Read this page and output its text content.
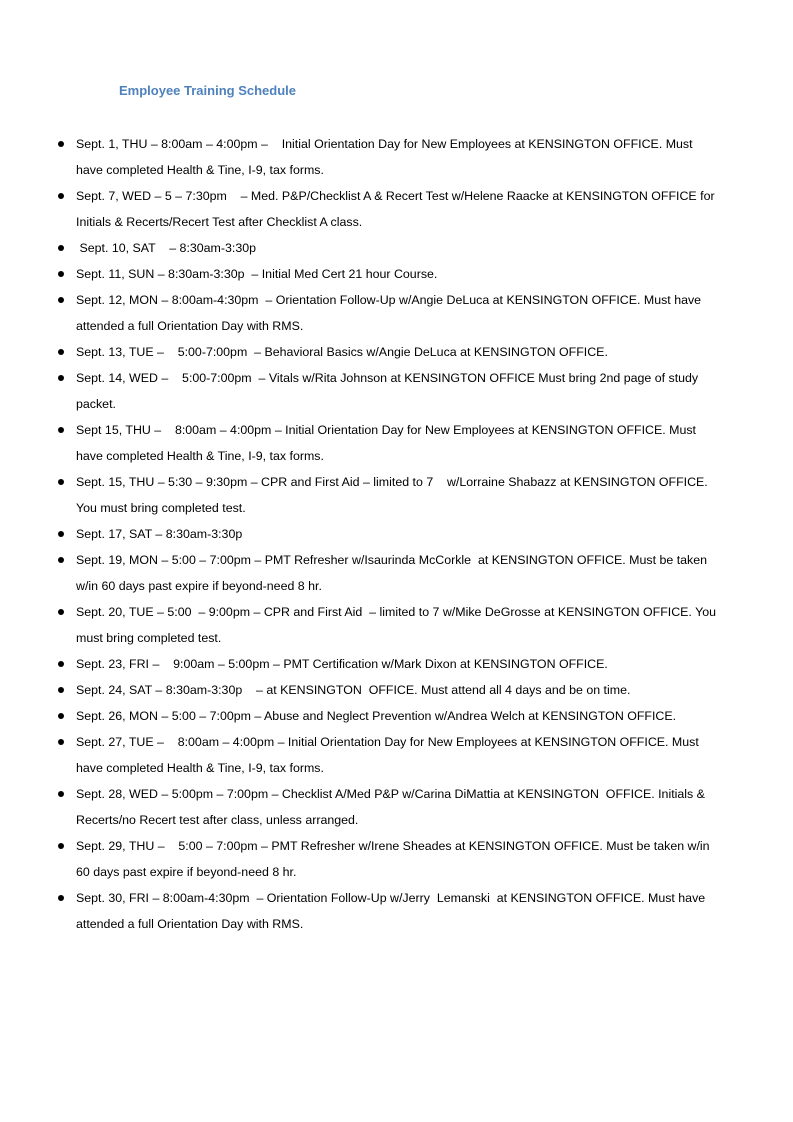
Employee Training Schedule
Sept. 1, THU – 8:00am – 4:00pm –    Initial Orientation Day for New Employees at KENSINGTON OFFICE. Must have completed Health & Tine, I-9, tax forms.
Sept. 7, WED – 5 – 7:30pm    – Med. P&P/Checklist A & Recert Test w/Helene Raacke at KENSINGTON OFFICE for Initials & Recerts/Recert Test after Checklist A class.
Sept. 10, SAT    – 8:30am-3:30p
Sept. 11, SUN – 8:30am-3:30p  – Initial Med Cert 21 hour Course.
Sept. 12, MON – 8:00am-4:30pm  – Orientation Follow-Up w/Angie DeLuca at KENSINGTON OFFICE. Must have attended a full Orientation Day with RMS.
Sept. 13, TUE –    5:00-7:00pm  – Behavioral Basics w/Angie DeLuca at KENSINGTON OFFICE.
Sept. 14, WED –    5:00-7:00pm  – Vitals w/Rita Johnson at KENSINGTON OFFICE Must bring 2nd page of study packet.
Sept 15, THU –    8:00am – 4:00pm – Initial Orientation Day for New Employees at KENSINGTON OFFICE. Must have completed Health & Tine, I-9, tax forms.
Sept. 15, THU – 5:30 – 9:30pm – CPR and First Aid – limited to 7    w/Lorraine Shabazz at KENSINGTON OFFICE. You must bring completed test.
Sept. 17, SAT – 8:30am-3:30p
Sept. 19, MON – 5:00 – 7:00pm – PMT Refresher w/Isaurinda McCorkle  at KENSINGTON OFFICE. Must be taken w/in 60 days past expire if beyond-need 8 hr.
Sept. 20, TUE – 5:00  – 9:00pm – CPR and First Aid  – limited to 7 w/Mike DeGrosse at KENSINGTON OFFICE. You must bring completed test.
Sept. 23, FRI –    9:00am – 5:00pm – PMT Certification w/Mark Dixon at KENSINGTON OFFICE.
Sept. 24, SAT – 8:30am-3:30p    – at KENSINGTON  OFFICE. Must attend all 4 days and be on time.
Sept. 26, MON – 5:00 – 7:00pm – Abuse and Neglect Prevention w/Andrea Welch at KENSINGTON OFFICE.
Sept. 27, TUE –    8:00am – 4:00pm – Initial Orientation Day for New Employees at KENSINGTON OFFICE. Must have completed Health & Tine, I-9, tax forms.
Sept. 28, WED – 5:00pm – 7:00pm – Checklist A/Med P&P w/Carina DiMattia at KENSINGTON  OFFICE. Initials & Recerts/no Recert test after class, unless arranged.
Sept. 29, THU –    5:00 – 7:00pm – PMT Refresher w/Irene Sheades at KENSINGTON OFFICE. Must be taken w/in 60 days past expire if beyond-need 8 hr.
Sept. 30, FRI – 8:00am-4:30pm  – Orientation Follow-Up w/Jerry  Lemanski  at KENSINGTON OFFICE. Must have attended a full Orientation Day with RMS.
